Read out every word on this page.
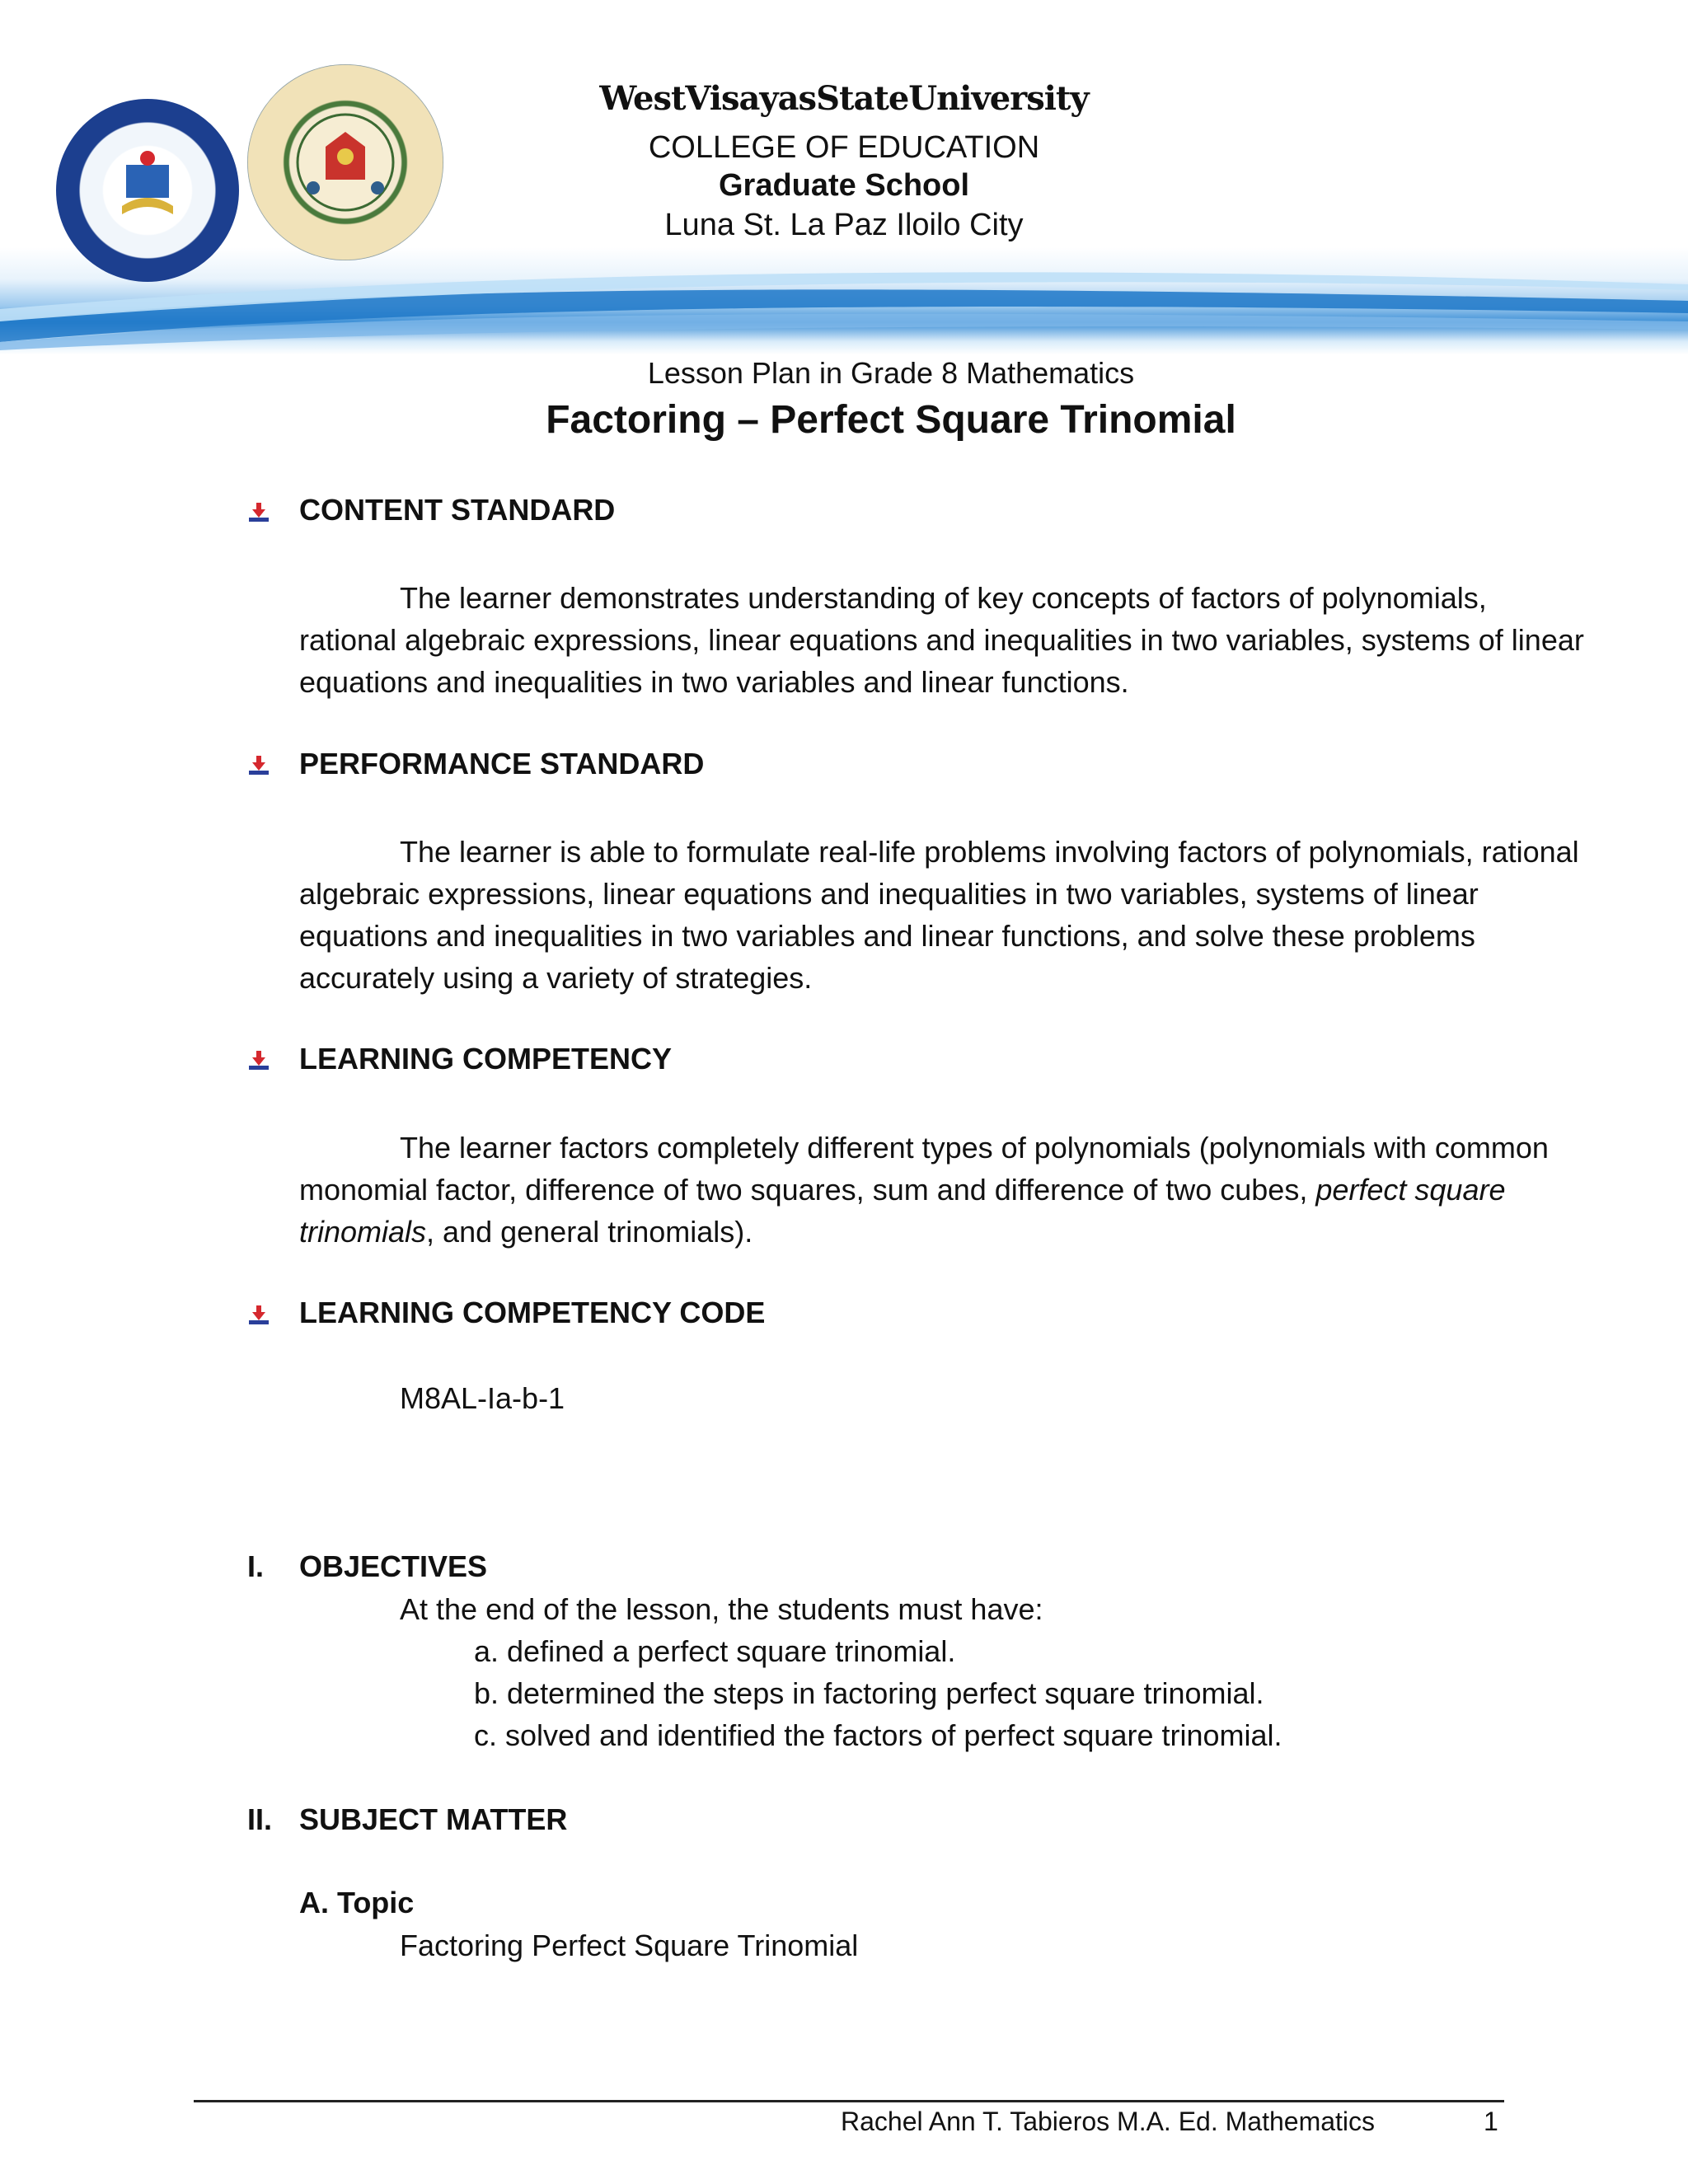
WestVisayasStateUniversity
COLLEGE OF EDUCATION
Graduate School
Luna St. La Paz Iloilo City
Lesson Plan in Grade 8 Mathematics
Factoring – Perfect Square Trinomial
CONTENT STANDARD
The learner demonstrates understanding of key concepts of factors of polynomials, rational algebraic expressions, linear equations and inequalities in two variables, systems of linear equations and inequalities in two variables and linear functions.
PERFORMANCE STANDARD
The learner is able to formulate real-life problems involving factors of polynomials, rational algebraic expressions, linear equations and inequalities in two variables, systems of linear equations and inequalities in two variables and linear functions, and solve these problems accurately using a variety of strategies.
LEARNING COMPETENCY
The learner factors completely different types of polynomials (polynomials with common monomial factor, difference of two squares, sum and difference of two cubes, perfect square trinomials, and general trinomials).
LEARNING COMPETENCY CODE
M8AL-Ia-b-1
I. OBJECTIVES
At the end of the lesson, the students must have:
a. defined a perfect square trinomial.
b. determined the steps in factoring perfect square trinomial.
c. solved and identified the factors of perfect square trinomial.
II. SUBJECT MATTER
A. Topic
Factoring Perfect Square Trinomial
Rachel Ann T. Tabieros M.A. Ed. Mathematics	1
